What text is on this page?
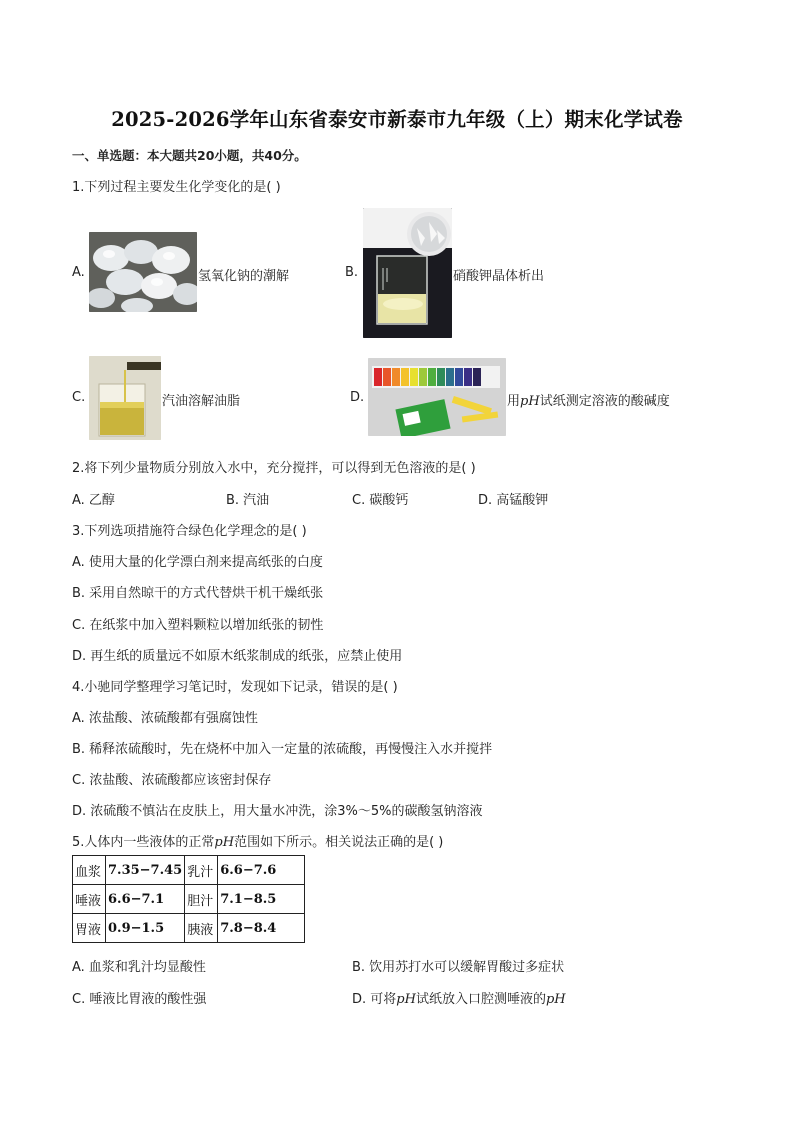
2025-2026学年山东省泰安市新泰市九年级（上）期末化学试卷
一、单选题：本大题共20小题，共40分。
1.下列过程主要发生化学变化的是( )
A.	氢氧化钠的潮解	B.	硝酸钾晶体析出
C.	汽油溶解油脂	D.	用pH试纸测定溶液的酸碱度
2.将下列少量物质分别放入水中，充分搅拌，可以得到无色溶液的是( )
A. 乙醇	B. 汽油	C. 碳酸钙	D. 高锰酸钾
3.下列选项措施符合绿色化学理念的是( )
A. 使用大量的化学漂白剂来提高纸张的白度
B. 采用自然晾干的方式代替烘干机干燥纸张
C. 在纸浆中加入塑料颗粒以增加纸张的韧性
D. 再生纸的质量远不如原木纸浆制成的纸张，应禁止使用
4.小驰同学整理学习笔记时，发现如下记录，错误的是( )
A. 浓盐酸、浓硫酸都有强腐蚀性
B. 稀释浓硫酸时，先在烧杯中加入一定量的浓硫酸，再慢慢注入水并搅拌
C. 浓盐酸、浓硫酸都应该密封保存
D. 浓硫酸不慎沾在皮肤上，用大量水冲洗，涂3%～5%的碳酸氢钠溶液
5.人体内一些液体的正常pH范围如下所示。相关说法正确的是( )
血浆	7.35−7.45	乳汁	6.6−7.6
唾液	6.6−7.1	胆汁	7.1−8.5
胃液	0.9−1.5	胰液	7.8−8.4
A. 血浆和乳汁均显酸性	B. 饮用苏打水可以缓解胃酸过多症状
C. 唾液比胃液的酸性强	D. 可将pH试纸放入口腔测唾液的pH
